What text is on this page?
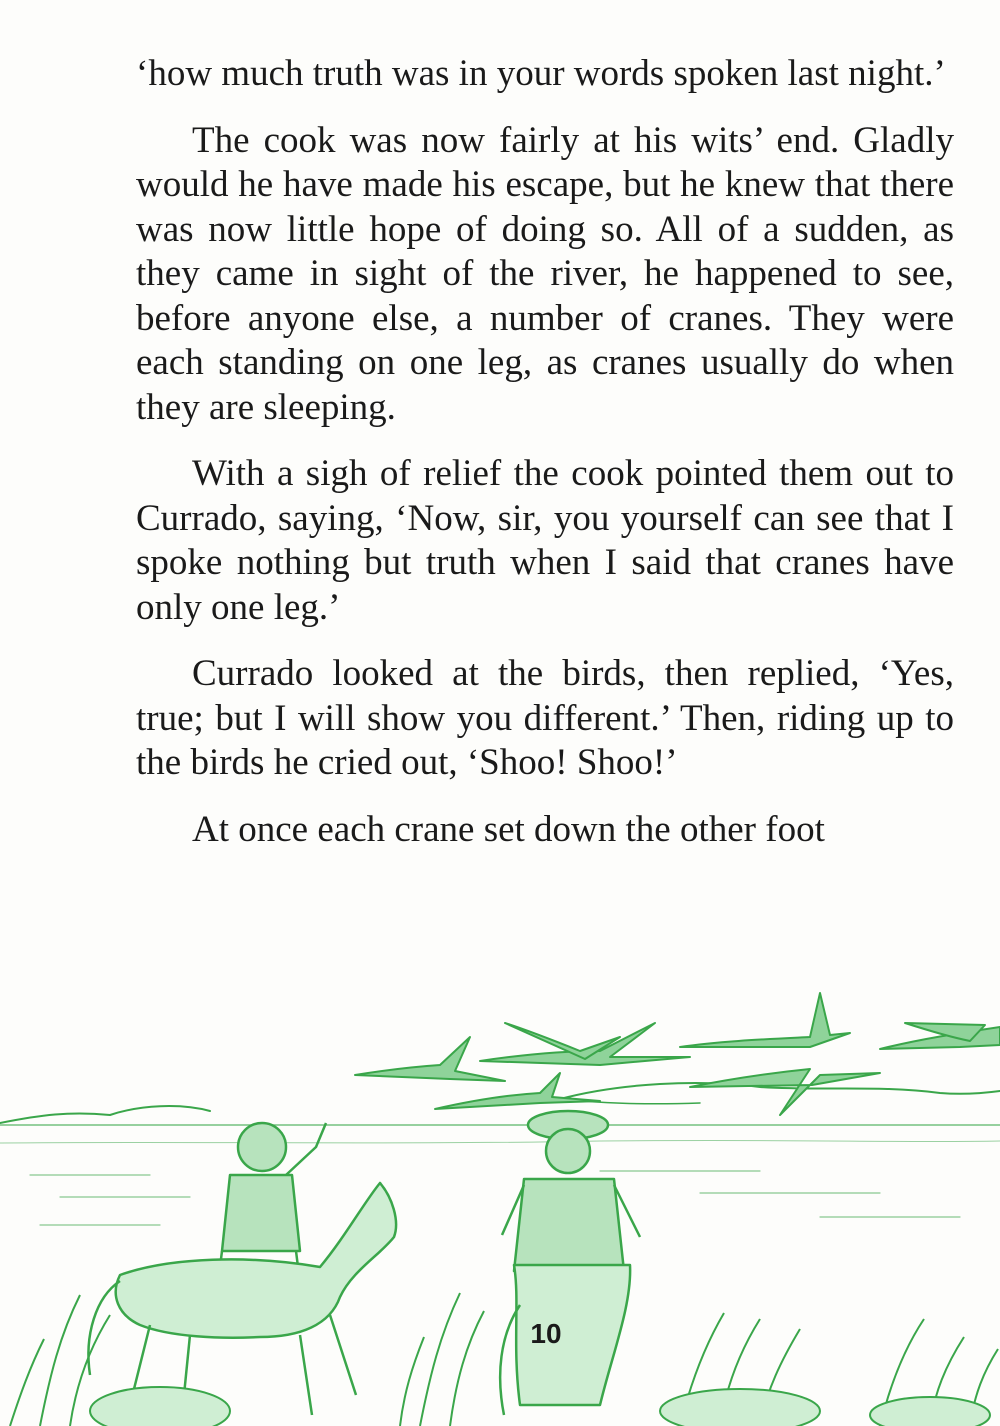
‘how much truth was in your words spoken last night.’

The cook was now fairly at his wits’ end. Gladly would he have made his escape, but he knew that there was now little hope of doing so. All of a sudden, as they came in sight of the river, he happened to see, before anyone else, a number of cranes. They were each standing on one leg, as cranes usually do when they are sleeping.

With a sigh of relief the cook pointed them out to Currado, saying, ‘Now, sir, you yourself can see that I spoke nothing but truth when I said that cranes have only one leg.’

Currado looked at the birds, then replied, ‘Yes, true; but I will show you different.’ Then, riding up to the birds he cried out, ‘Shoo! Shoo!’

At once each crane set down the other foot

10
